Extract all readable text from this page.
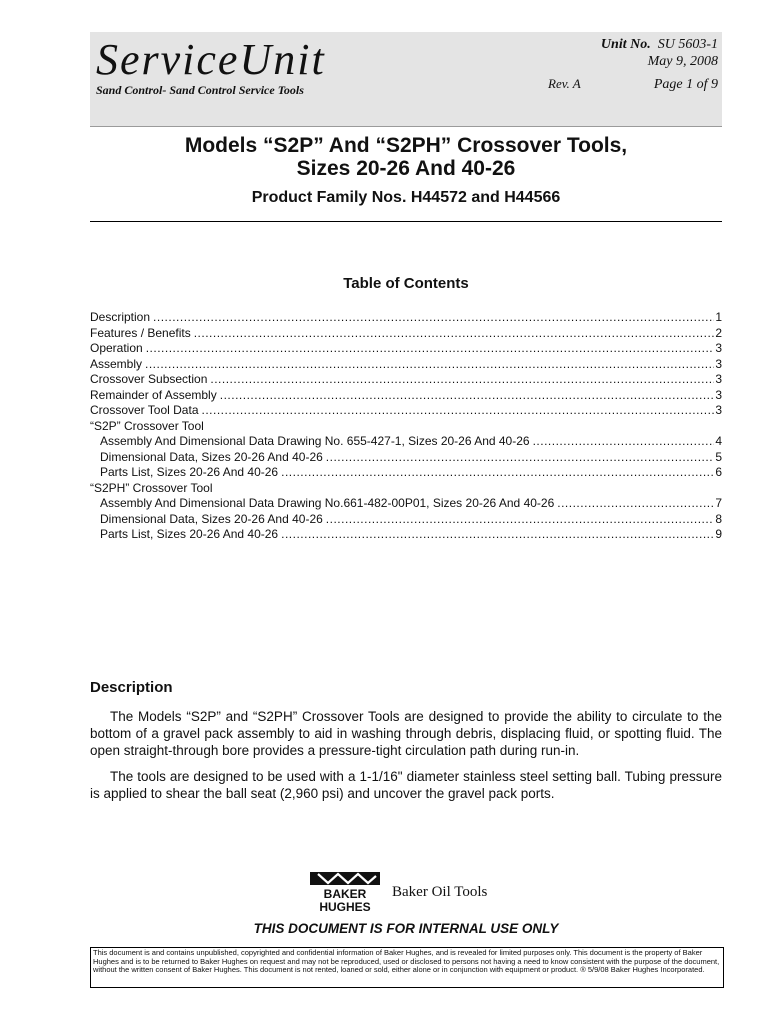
ServiceUnit
Sand Control- Sand Control Service Tools
Unit No. SU 5603-1
May 9, 2008
Rev. A	Page 1 of 9
Models “S2P” And “S2PH” Crossover Tools,
Sizes 20-26 And 40-26
Product Family Nos. H44572 and H44566
Table of Contents
Description .....	1
Features / Benefits .....	2
Operation .....	3
Assembly .....	3
Crossover Subsection .....	3
Remainder of Assembly .....	3
Crossover Tool Data .....	3
“S2P” Crossover Tool
Assembly And Dimensional Data Drawing No. 655-427-1, Sizes 20-26 And 40-26 .....	4
Dimensional Data, Sizes 20-26 And 40-26 .....	5
Parts List, Sizes 20-26 And 40-26 .....	6
“S2PH” Crossover Tool
Assembly And Dimensional Data Drawing No.661-482-00P01, Sizes 20-26 And 40-26 .....	7
Dimensional Data, Sizes 20-26 And 40-26 .....	8
Parts List, Sizes 20-26 And 40-26 .....	9
Description
The Models “S2P” and “S2PH” Crossover Tools are designed to provide the ability to circulate to the bottom of a gravel pack assembly to aid in washing through debris, displacing fluid, or spotting fluid. The open straight-through bore provides a pressure-tight circulation path during run-in.
The tools are designed to be used with a 1-1/16" diameter stainless steel setting ball. Tubing pressure is applied to shear the ball seat (2,960 psi) and uncover the gravel pack ports.
BAKER
HUGHES
Baker Oil Tools
THIS DOCUMENT IS FOR INTERNAL USE ONLY
This document is and contains unpublished, copyrighted and confidential information of Baker Hughes, and is revealed for limited purposes only. This document is the property of Baker Hughes and is to be returned to Baker Hughes on request and may not be reproduced, used or disclosed to persons not having a need to know consistent with the purpose of the document, without the written consent of Baker Hughes. This document is not rented, loaned or sold, either alone or in conjunction with equipment or product. ® 5/9/08 Baker Hughes Incorporated.
